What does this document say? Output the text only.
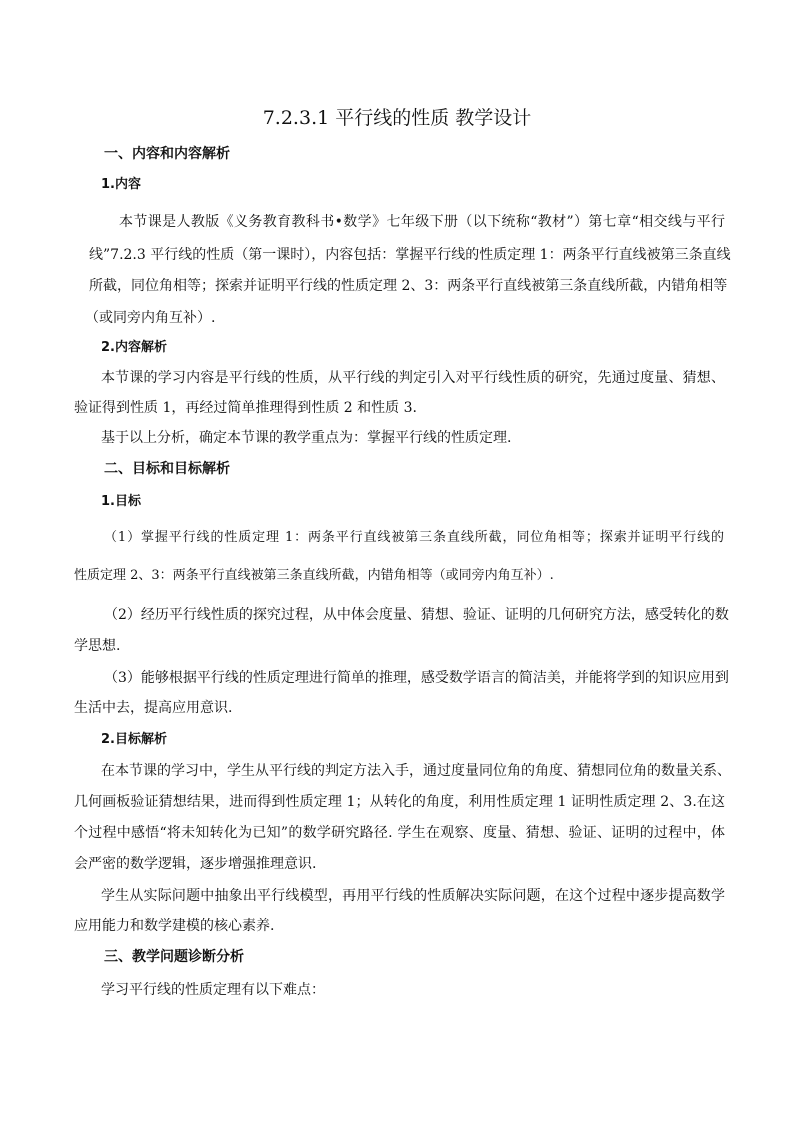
7.2.3.1 平行线的性质 教学设计
一、内容和内容解析
1.内容
本节课是人教版《义务教育教科书•数学》七年级下册（以下统称“教材”）第七章“相交线与平行
线”7.2.3 平行线的性质（第一课时），内容包括：掌握平行线的性质定理 1：两条平行直线被第三条直线
所截，同位角相等；探索并证明平行线的性质定理 2、3：两条平行直线被第三条直线所截，内错角相等
（或同旁内角互补）.
2.内容解析
本节课的学习内容是平行线的性质，从平行线的判定引入对平行线性质的研究，先通过度量、猜想、
验证得到性质 1，再经过简单推理得到性质 2 和性质 3.
基于以上分析，确定本节课的教学重点为：掌握平行线的性质定理.
二、目标和目标解析
1.目标
（1）掌握平行线的性质定理 1：两条平行直线被第三条直线所截，同位角相等；探索并证明平行线的
性质定理 2、3：两条平行直线被第三条直线所截，内错角相等（或同旁内角互补）.
（2）经历平行线性质的探究过程，从中体会度量、猜想、验证、证明的几何研究方法，感受转化的数
学思想.
（3）能够根据平行线的性质定理进行简单的推理，感受数学语言的简洁美，并能将学到的知识应用到
生活中去，提高应用意识.
2.目标解析
在本节课的学习中，学生从平行线的判定方法入手，通过度量同位角的角度、猜想同位角的数量关系、
几何画板验证猜想结果，进而得到性质定理 1；从转化的角度，利用性质定理 1 证明性质定理 2、3.在这
个过程中感悟“将未知转化为已知”的数学研究路径. 学生在观察、度量、猜想、验证、证明的过程中，体
会严密的数学逻辑，逐步增强推理意识.
学生从实际问题中抽象出平行线模型，再用平行线的性质解决实际问题，在这个过程中逐步提高数学
应用能力和数学建模的核心素养.
三、教学问题诊断分析
学习平行线的性质定理有以下难点：
